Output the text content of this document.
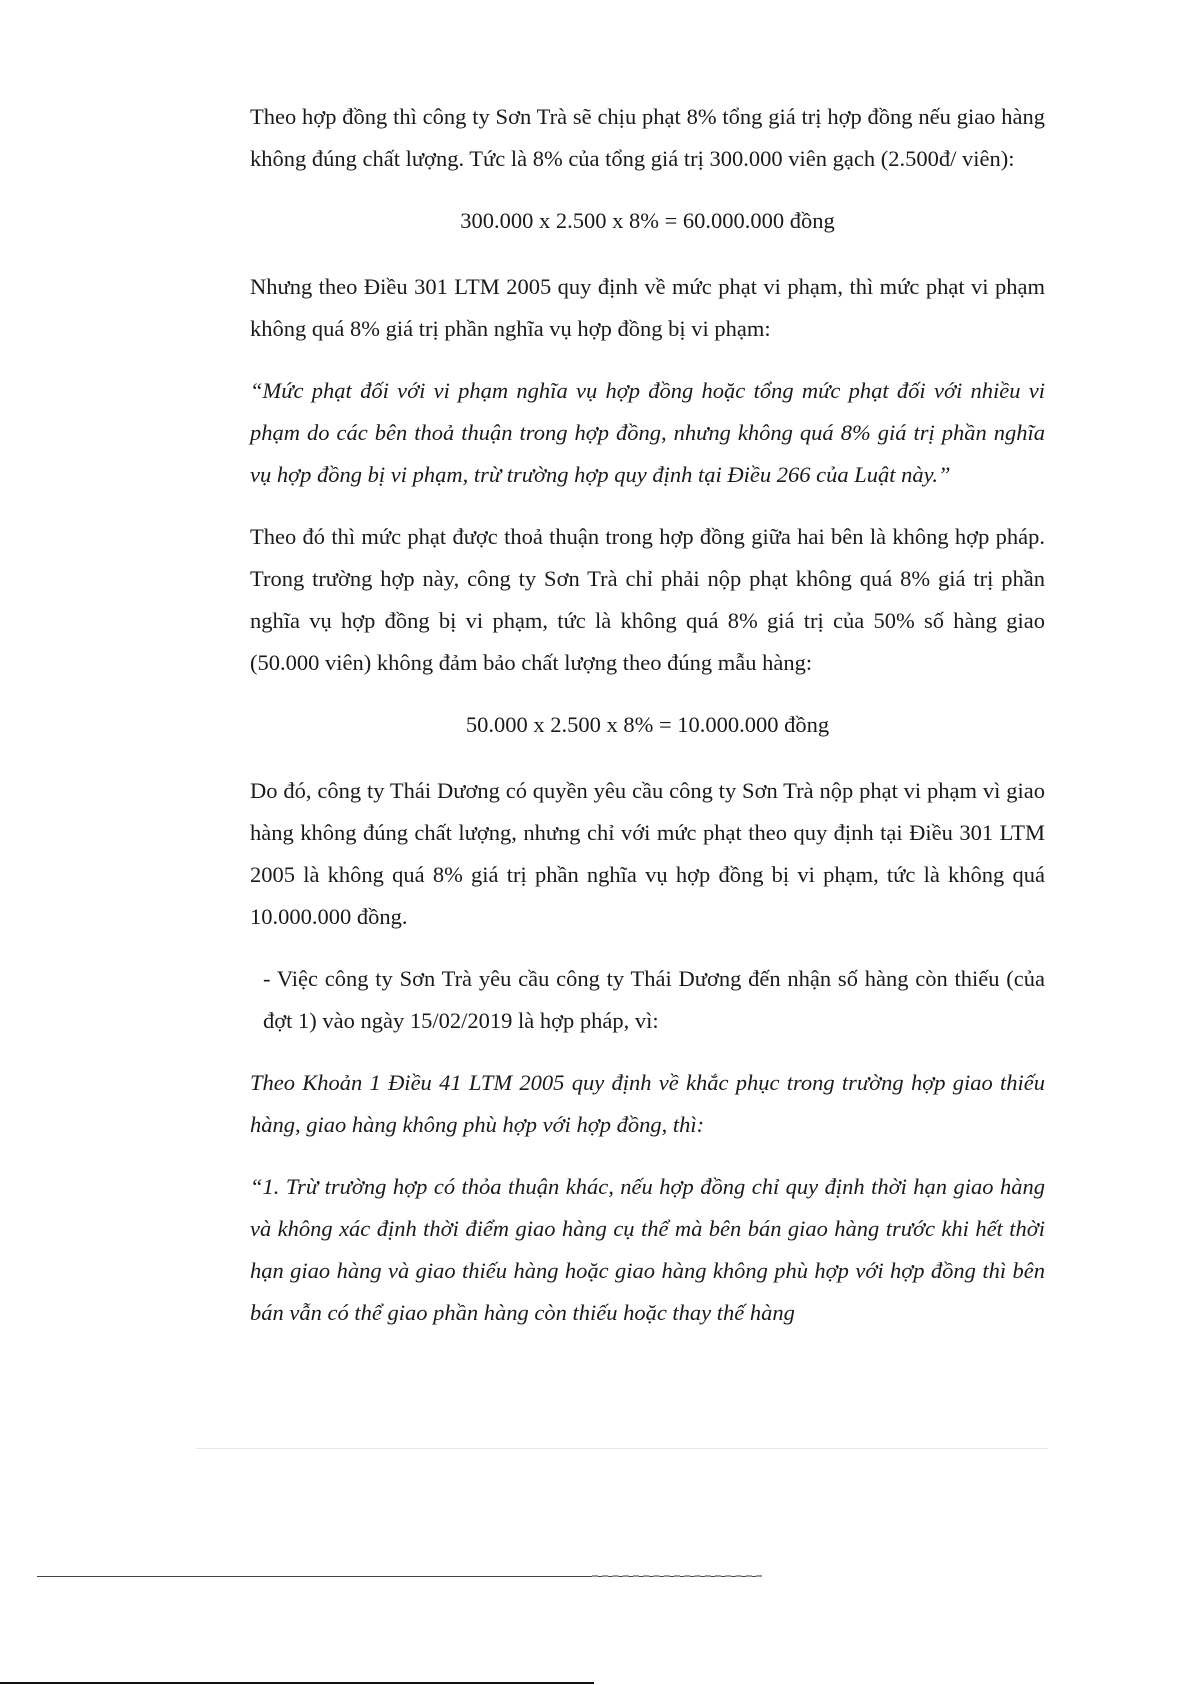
Theo hợp đồng thì công ty Sơn Trà sẽ chịu phạt 8% tổng giá trị hợp đồng nếu giao hàng không đúng chất lượng. Tức là 8% của tổng giá trị 300.000 viên gạch (2.500đ/ viên):

300.000 x 2.500 x 8% = 60.000.000 đồng

Nhưng theo Điều 301 LTM 2005 quy định về mức phạt vi phạm, thì mức phạt vi phạm không quá 8% giá trị phần nghĩa vụ hợp đồng bị vi phạm:

“Mức phạt đối với vi phạm nghĩa vụ hợp đồng hoặc tổng mức phạt đối với nhiều vi phạm do các bên thoả thuận trong hợp đồng, nhưng không quá 8% giá trị phần nghĩa vụ hợp đồng bị vi phạm, trừ trường hợp quy định tại Điều 266 của Luật này.”

Theo đó thì mức phạt được thoả thuận trong hợp đồng giữa hai bên là không hợp pháp. Trong trường hợp này, công ty Sơn Trà chỉ phải nộp phạt không quá 8% giá trị phần nghĩa vụ hợp đồng bị vi phạm, tức là không quá 8% giá trị của 50% số hàng giao (50.000 viên) không đảm bảo chất lượng theo đúng mẫu hàng:

50.000 x 2.500 x 8% = 10.000.000 đồng

Do đó, công ty Thái Dương có quyền yêu cầu công ty Sơn Trà nộp phạt vi phạm vì giao hàng không đúng chất lượng, nhưng chỉ với mức phạt theo quy định tại Điều 301 LTM 2005 là không quá 8% giá trị phần nghĩa vụ hợp đồng bị vi phạm, tức là không quá 10.000.000 đồng.

- Việc công ty Sơn Trà yêu cầu công ty Thái Dương đến nhận số hàng còn thiếu (của đợt 1) vào ngày 15/02/2019 là hợp pháp, vì:

Theo Khoản 1 Điều 41 LTM 2005 quy định về khắc phục trong trường hợp giao thiếu hàng, giao hàng không phù hợp với hợp đồng, thì:

“1. Trừ trường hợp có thỏa thuận khác, nếu hợp đồng chỉ quy định thời hạn giao hàng và không xác định thời điểm giao hàng cụ thể mà bên bán giao hàng trước khi hết thời hạn giao hàng và giao thiếu hàng hoặc giao hàng không phù hợp với hợp đồng thì bên bán vẫn có thể giao phần hàng còn thiếu hoặc thay thế hàng
